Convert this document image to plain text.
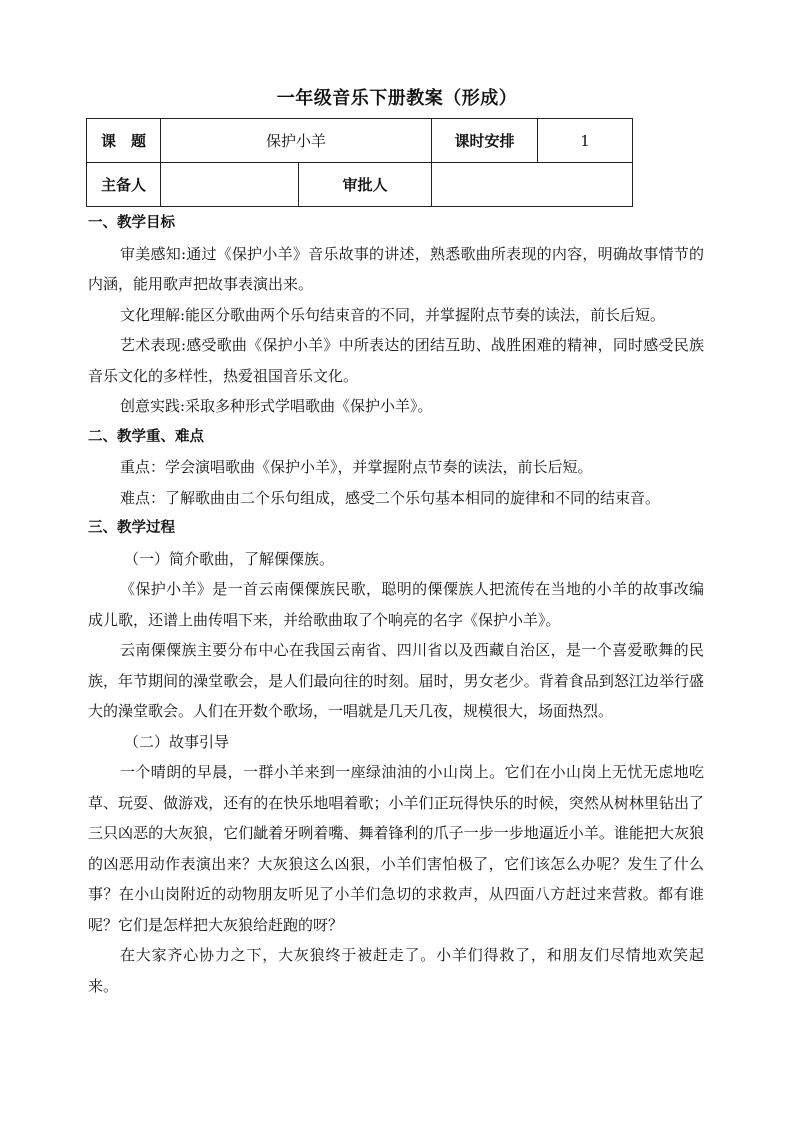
一年级音乐下册教案（形成）
课　题	保护小羊		课时安排	1
主备人		审批人		

一、教学目标

审美感知:通过《保护小羊》音乐故事的讲述，熟悉歌曲所表现的内容，明确故事情节的内涵，能用歌声把故事表演出来。

文化理解:能区分歌曲两个乐句结束音的不同，并掌握附点节奏的读法，前长后短。

艺术表现:感受歌曲《保护小羊》中所表达的团结互助、战胜困难的精神，同时感受民族音乐文化的多样性，热爱祖国音乐文化。

创意实践:采取多种形式学唱歌曲《保护小羊》。

二、教学重、难点

重点：学会演唱歌曲《保护小羊》，并掌握附点节奏的读法，前长后短。

难点：了解歌曲由二个乐句组成，感受二个乐句基本相同的旋律和不同的结束音。

三、教学过程

（一）简介歌曲，了解傈僳族。

《保护小羊》是一首云南傈僳族民歌，聪明的傈僳族人把流传在当地的小羊的故事改编成儿歌，还谱上曲传唱下来，并给歌曲取了个响亮的名字《保护小羊》。

云南傈僳族主要分布中心在我国云南省、四川省以及西藏自治区，是一个喜爱歌舞的民族，年节期间的澡堂歌会，是人们最向往的时刻。届时，男女老少。背着食品到怒江边举行盛大的澡堂歌会。人们在开数个歌场，一唱就是几天几夜，规模很大，场面热烈。

（二）故事引导

一个晴朗的早晨，一群小羊来到一座绿油油的小山岗上。它们在小山岗上无忧无虑地吃草、玩耍、做游戏，还有的在快乐地唱着歌；小羊们正玩得快乐的时候，突然从树林里钻出了三只凶恶的大灰狼，它们龇着牙咧着嘴、舞着锋利的爪子一步一步地逼近小羊。谁能把大灰狼的凶恶用动作表演出来？大灰狼这么凶狠，小羊们害怕极了，它们该怎么办呢？发生了什么事？在小山岗附近的动物朋友听见了小羊们急切的求救声，从四面八方赶过来营救。都有谁呢？它们是怎样把大灰狼给赶跑的呀？

在大家齐心协力之下，大灰狼终于被赶走了。小羊们得救了，和朋友们尽情地欢笑起来。
